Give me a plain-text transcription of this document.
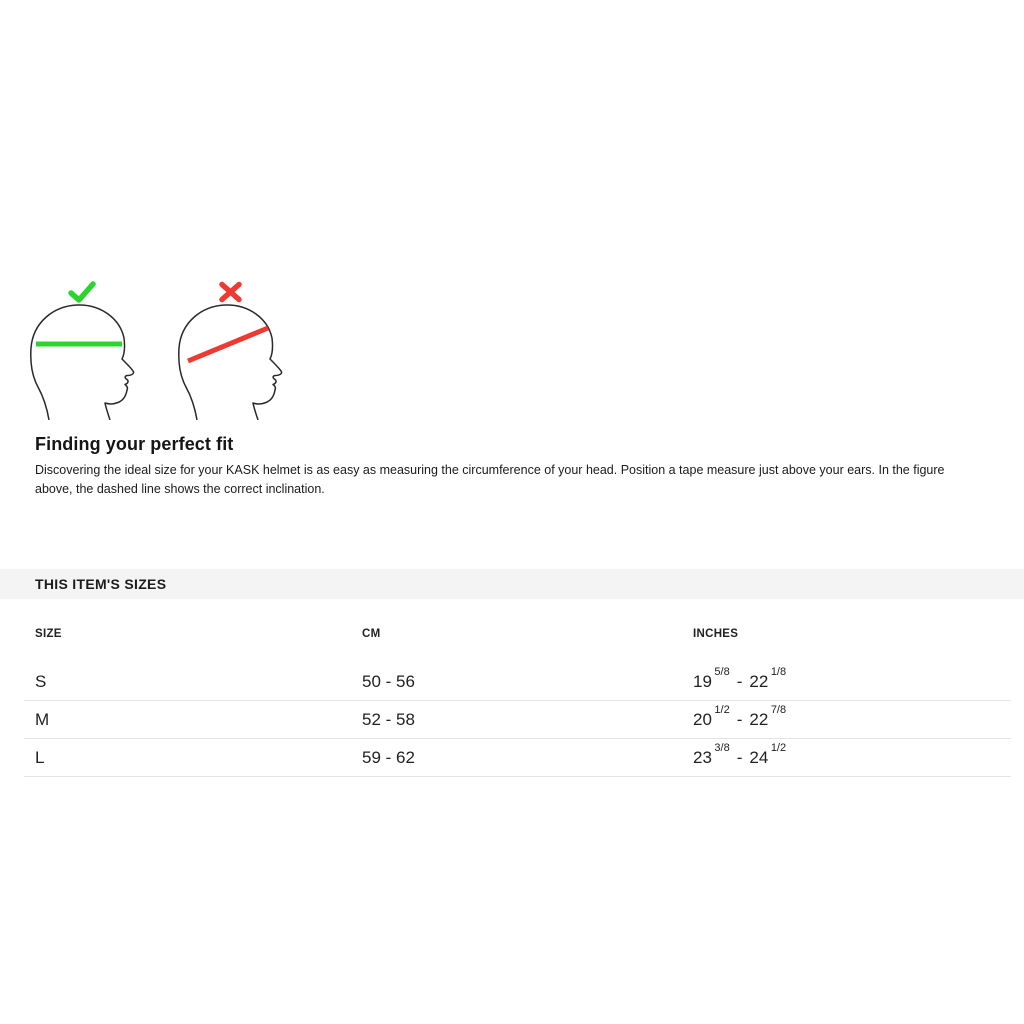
Finding your perfect fit
Discovering the ideal size for your KASK helmet is as easy as measuring the circumference of your head. Position a tape measure just above your ears. In the figure above, the dashed line shows the correct inclination.
THIS ITEM'S SIZES
SIZE	CM	INCHES
S	50 - 56	$19^{5/8}-$ $22^{1/8}$
M	52 - 58	$20^{1/2}-$ $22^{7/8}$
L	59 - 62	$23^{3/8}-$ $24^{1/2}$
